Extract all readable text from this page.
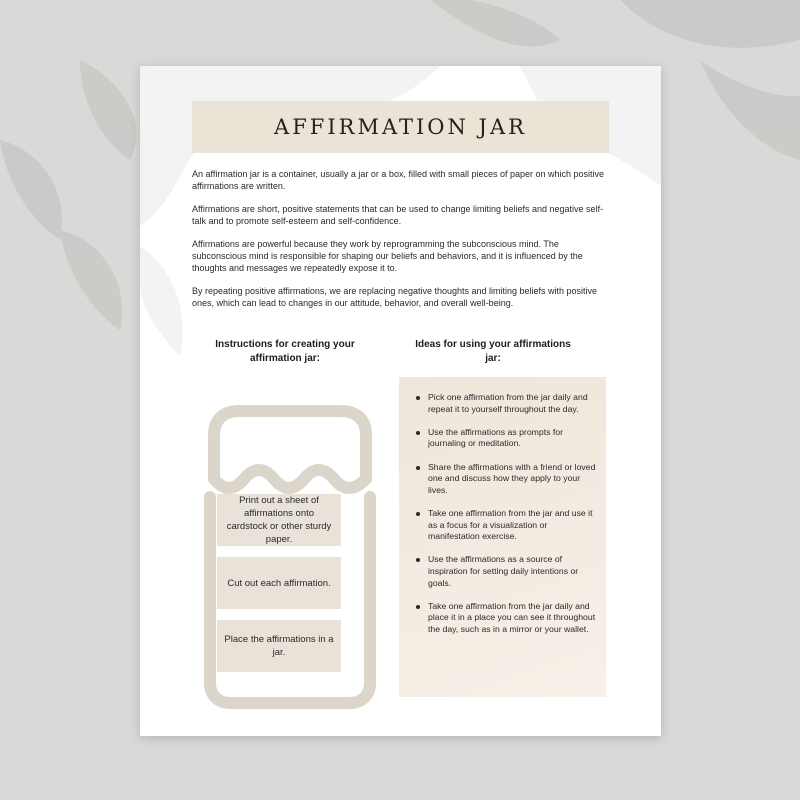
AFFIRMATION JAR

An affirmation jar is a container, usually a jar or a box, filled with small pieces of paper on which positive affirmations are written.

Affirmations are short, positive statements that can be used to change limiting beliefs and negative self-talk and to promote self-esteem and self-confidence.

Affirmations are powerful because they work by reprogramming the subconscious mind. The subconscious mind is responsible for shaping our beliefs and behaviors, and it is influenced by the thoughts and messages we repeatedly expose it to.

By repeating positive affirmations, we are replacing negative thoughts and limiting beliefs with positive ones, which can lead to changes in our attitude, behavior, and overall well-being.

Instructions for creating your affirmation jar:
Ideas for using your affirmations jar:
Print out a sheet of affirmations onto cardstock or other sturdy paper.
Cut out each affirmation.
Place the affirmations in a jar.
Pick one affirmation from the jar daily and repeat it to yourself throughout the day.
Use the affirmations as prompts for journaling or meditation.
Share the affirmations with a friend or loved one and discuss how they apply to your lives.
Take one affirmation from the jar and use it as a focus for a visualization or manifestation exercise.
Use the affirmations as a source of inspiration for setting daily intentions or goals.
Take one affirmation from the jar daily and place it in a place you can see it throughout the day, such as in a mirror or your wallet.
